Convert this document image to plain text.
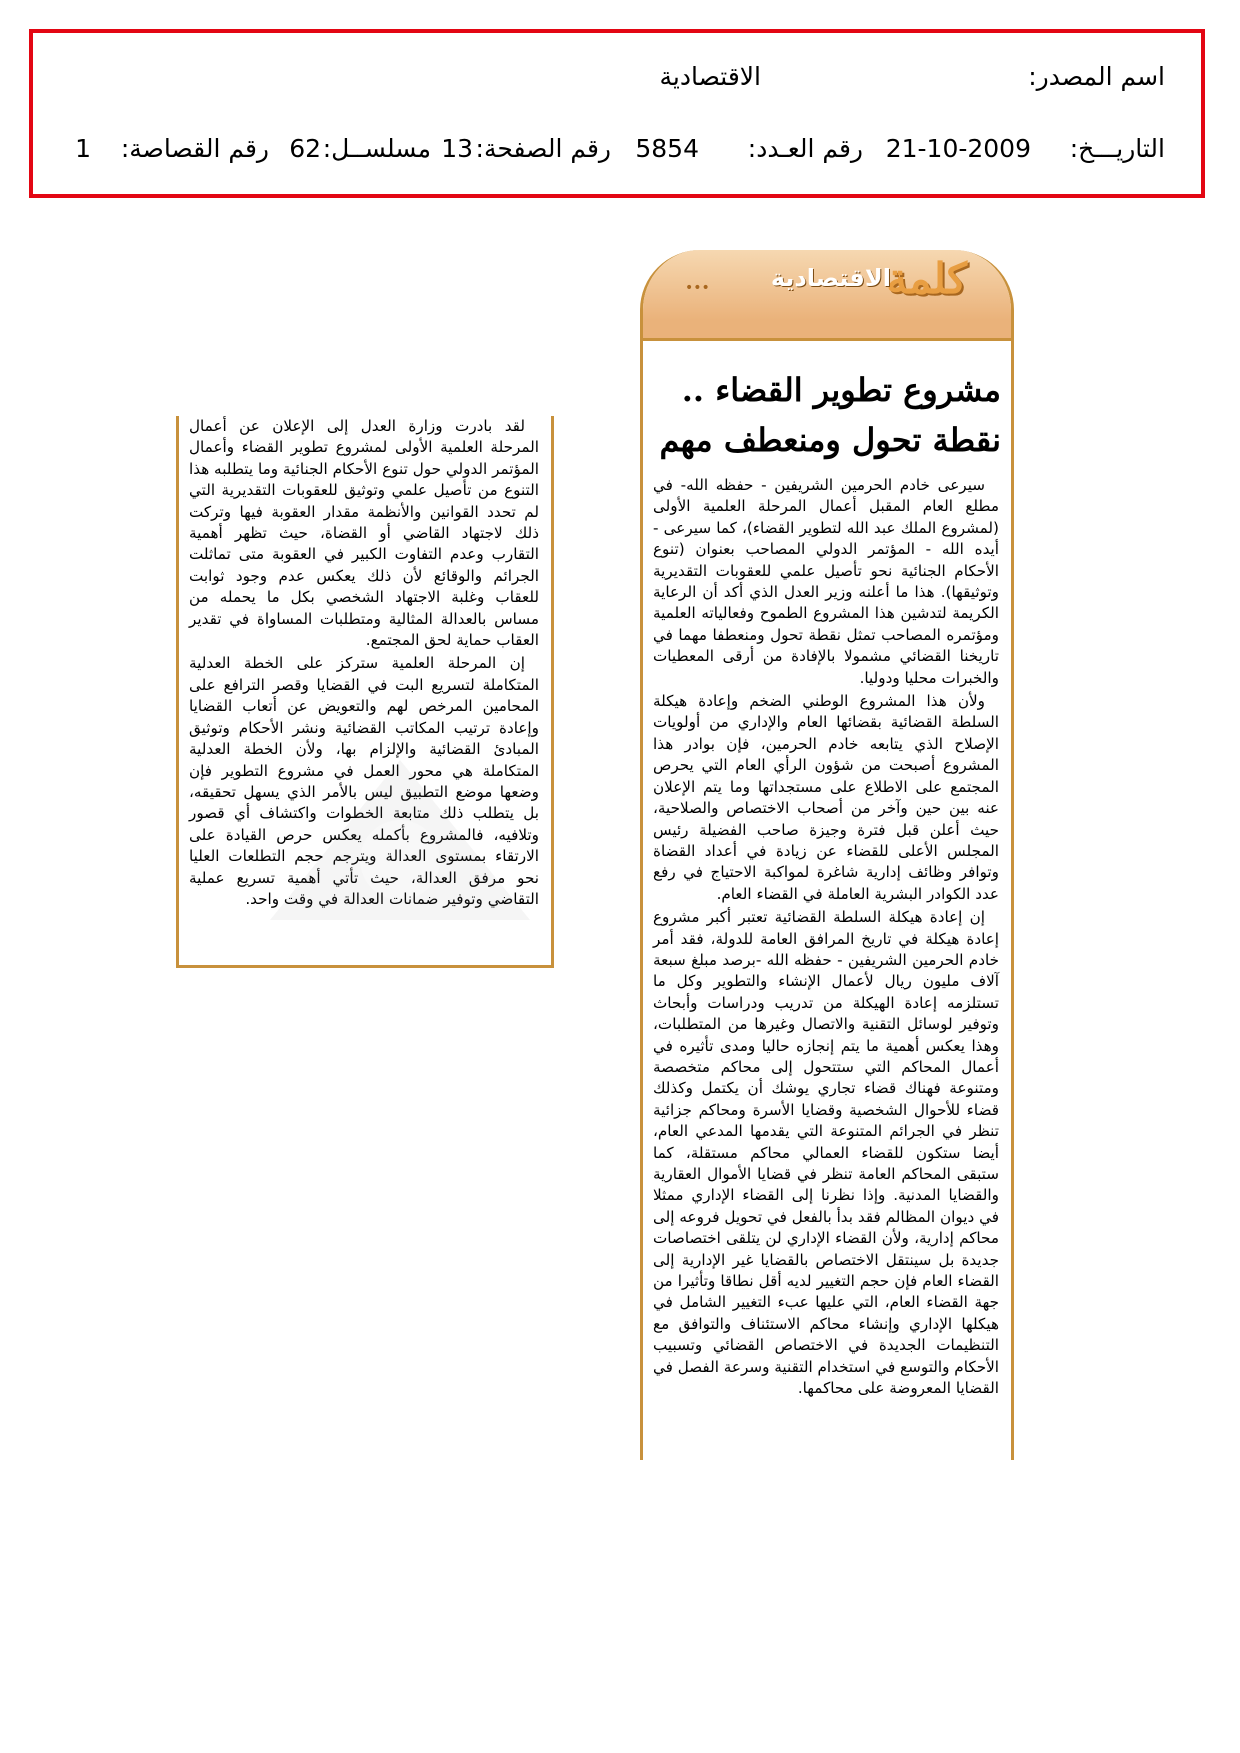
اسم المصدر:
الاقتصادية
التاريـــخ:
21-10-2009
رقم العـدد:
5854
رقم الصفحة:
13
مسلســل:
62
رقم القصاصة:
1
•••	كلمة
الاقتصادية
مشروع تطوير القضاء ..
نقطة تحول ومنعطف مهم

سيرعى خادم الحرمين الشريفين - حفظه الله- في مطلع العام المقبل أعمال المرحلة العلمية الأولى (لمشروع الملك عبد الله لتطوير القضاء)، كما سيرعى - أيده الله - المؤتمر الدولي المصاحب بعنوان (تنوع الأحكام الجنائية نحو تأصيل علمي للعقوبات التقديرية وتوثيقها). هذا ما أعلنه وزير العدل الذي أكد أن الرعاية الكريمة لتدشين هذا المشروع الطموح وفعالياته العلمية ومؤتمره المصاحب تمثل نقطة تحول ومنعطفا مهما في تاريخنا القضائي مشمولا بالإفادة من أرقى المعطيات والخبرات محليا ودوليا.

ولأن هذا المشروع الوطني الضخم وإعادة هيكلة السلطة القضائية بقضائها العام والإداري من أولويات الإصلاح الذي يتابعه خادم الحرمين، فإن بوادر هذا المشروع أصبحت من شؤون الرأي العام التي يحرص المجتمع على الاطلاع على مستجداتها وما يتم الإعلان عنه بين حين وآخر من أصحاب الاختصاص والصلاحية، حيث أعلن قبل فترة وجيزة صاحب الفضيلة رئيس المجلس الأعلى للقضاء عن زيادة في أعداد القضاة وتوافر وظائف إدارية شاغرة لمواكبة الاحتياج في رفع عدد الكوادر البشرية العاملة في القضاء العام.

إن إعادة هيكلة السلطة القضائية تعتبر أكبر مشروع إعادة هيكلة في تاريخ المرافق العامة للدولة، فقد أمر خادم الحرمين الشريفين - حفظه الله -برصد مبلغ سبعة آلاف مليون ريال لأعمال الإنشاء والتطوير وكل ما تستلزمه إعادة الهيكلة من تدريب ودراسات وأبحاث وتوفير لوسائل التقنية والاتصال وغيرها من المتطلبات، وهذا يعكس أهمية ما يتم إنجازه حاليا ومدى تأثيره في أعمال المحاكم التي ستتحول إلى محاكم متخصصة ومتنوعة فهناك قضاء تجاري يوشك أن يكتمل وكذلك قضاء للأحوال الشخصية وقضايا الأسرة ومحاكم جزائية تنظر في الجرائم المتنوعة التي يقدمها المدعي العام، أيضا ستكون للقضاء العمالي محاكم مستقلة، كما ستبقى المحاكم العامة تنظر في قضايا الأموال العقارية والقضايا المدنية. وإذا نظرنا إلى القضاء الإداري ممثلا في ديوان المظالم فقد بدأ بالفعل في تحويل فروعه إلى محاكم إدارية، ولأن القضاء الإداري لن يتلقى اختصاصات جديدة بل سينتقل الاختصاص بالقضايا غير الإدارية إلى القضاء العام فإن حجم التغيير لديه أقل نطاقا وتأثيرا من جهة القضاء العام، التي عليها عبء التغيير الشامل في هيكلها الإداري وإنشاء محاكم الاستئناف والتوافق مع التنظيمات الجديدة في الاختصاص القضائي وتسبيب الأحكام والتوسع في استخدام التقنية وسرعة الفصل في القضايا المعروضة على محاكمها.

لقد بادرت وزارة العدل إلى الإعلان عن أعمال المرحلة العلمية الأولى لمشروع تطوير القضاء وأعمال المؤتمر الدولي حول تنوع الأحكام الجنائية وما يتطلبه هذا التنوع من تأصيل علمي وتوثيق للعقوبات التقديرية التي لم تحدد القوانين والأنظمة مقدار العقوبة فيها وتركت ذلك لاجتهاد القاضي أو القضاة، حيث تظهر أهمية التقارب وعدم التفاوت الكبير في العقوبة متى تماثلت الجرائم والوقائع لأن ذلك يعكس عدم وجود ثوابت للعقاب وغلبة الاجتهاد الشخصي بكل ما يحمله من مساس بالعدالة المثالية ومتطلبات المساواة في تقدير العقاب حماية لحق المجتمع.

إن المرحلة العلمية ستركز على الخطة العدلية المتكاملة لتسريع البت في القضايا وقصر الترافع على المحامين المرخص لهم والتعويض عن أتعاب القضايا وإعادة ترتيب المكاتب القضائية ونشر الأحكام وتوثيق المبادئ القضائية والإلزام بها، ولأن الخطة العدلية المتكاملة هي محور العمل في مشروع التطوير فإن وضعها موضع التطبيق ليس بالأمر الذي يسهل تحقيقه، بل يتطلب ذلك متابعة الخطوات واكتشاف أي قصور وتلافيه، فالمشروع بأكمله يعكس حرص القيادة على الارتقاء بمستوى العدالة ويترجم حجم التطلعات العليا نحو مرفق العدالة، حيث تأتي أهمية تسريع عملية التقاضي وتوفير ضمانات العدالة في وقت واحد.
